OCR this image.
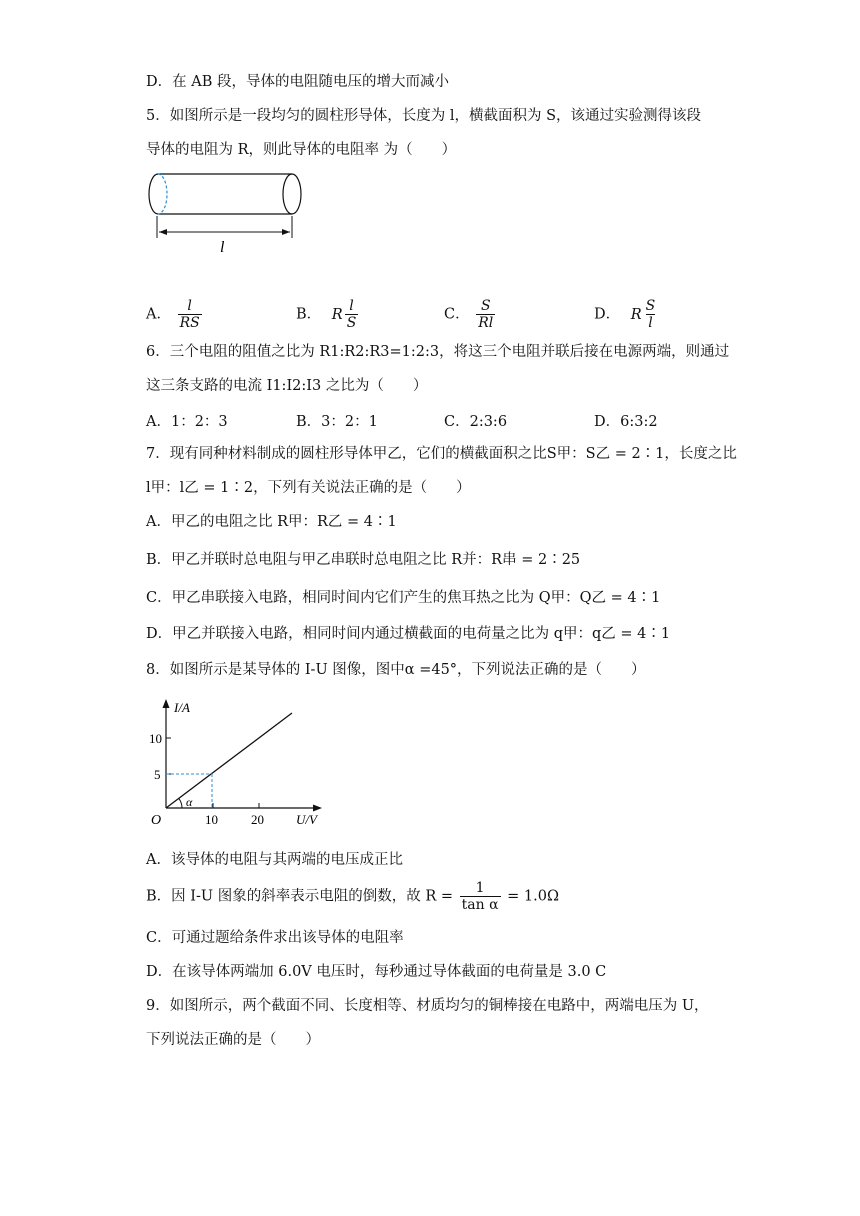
D．在 AB 段，导体的电阻随电压的增大而减小
5．如图所示是一段均匀的圆柱形导体，长度为 l，横截面积为 S，该通过实验测得该段
导体的电阻为 R，则此导体的电阻率 为（　　）
l
A． $\frac{l}{RS}$	B． R $\frac{l}{S}$	C． $\frac{S}{Rl}$	D． R $\frac{S}{l}$
6．三个电阻的阻值之比为 R1:R2:R3=1:2:3，将这三个电阻并联后接在电源两端，则通过
这三条支路的电流 I1:I2:I3 之比为（　　）
A．1：2：3	B．3：2：1	C．2:3:6	D．6:3:2
7．现有同种材料制成的圆柱形导体甲乙，它们的横截面积之比S甲：S乙 = 2∶1，长度之比
l甲：l乙 = 1∶2，下列有关说法正确的是（　　）
A．甲乙的电阻之比 R甲：R乙 = 4∶1
B．甲乙并联时总电阻与甲乙串联时总电阻之比 R并：R串 = 2∶25
C．甲乙串联接入电路，相同时间内它们产生的焦耳热之比为 Q甲：Q乙 = 4∶1
D．甲乙并联接入电路，相同时间内通过横截面的电荷量之比为 q甲：q乙 = 4∶1
8．如图所示是某导体的 I-U 图像，图中α =45°，下列说法正确的是（　　）
I/A
10
5
O
α
10	20 U/V
A．该导体的电阻与其两端的电压成正比
B．因 I-U 图象的斜率表示电阻的倒数，故 $R = \frac{1}{\text{tan α}} = 1.0\Omega$
C．可通过题给条件求出该导体的电阻率
D．在该导体两端加 6.0V 电压时，每秒通过导体截面的电荷量是 3.0 C
9．如图所示，两个截面不同、长度相等、材质均匀的铜棒接在电路中，两端电压为 U，
下列说法正确的是（　　）
